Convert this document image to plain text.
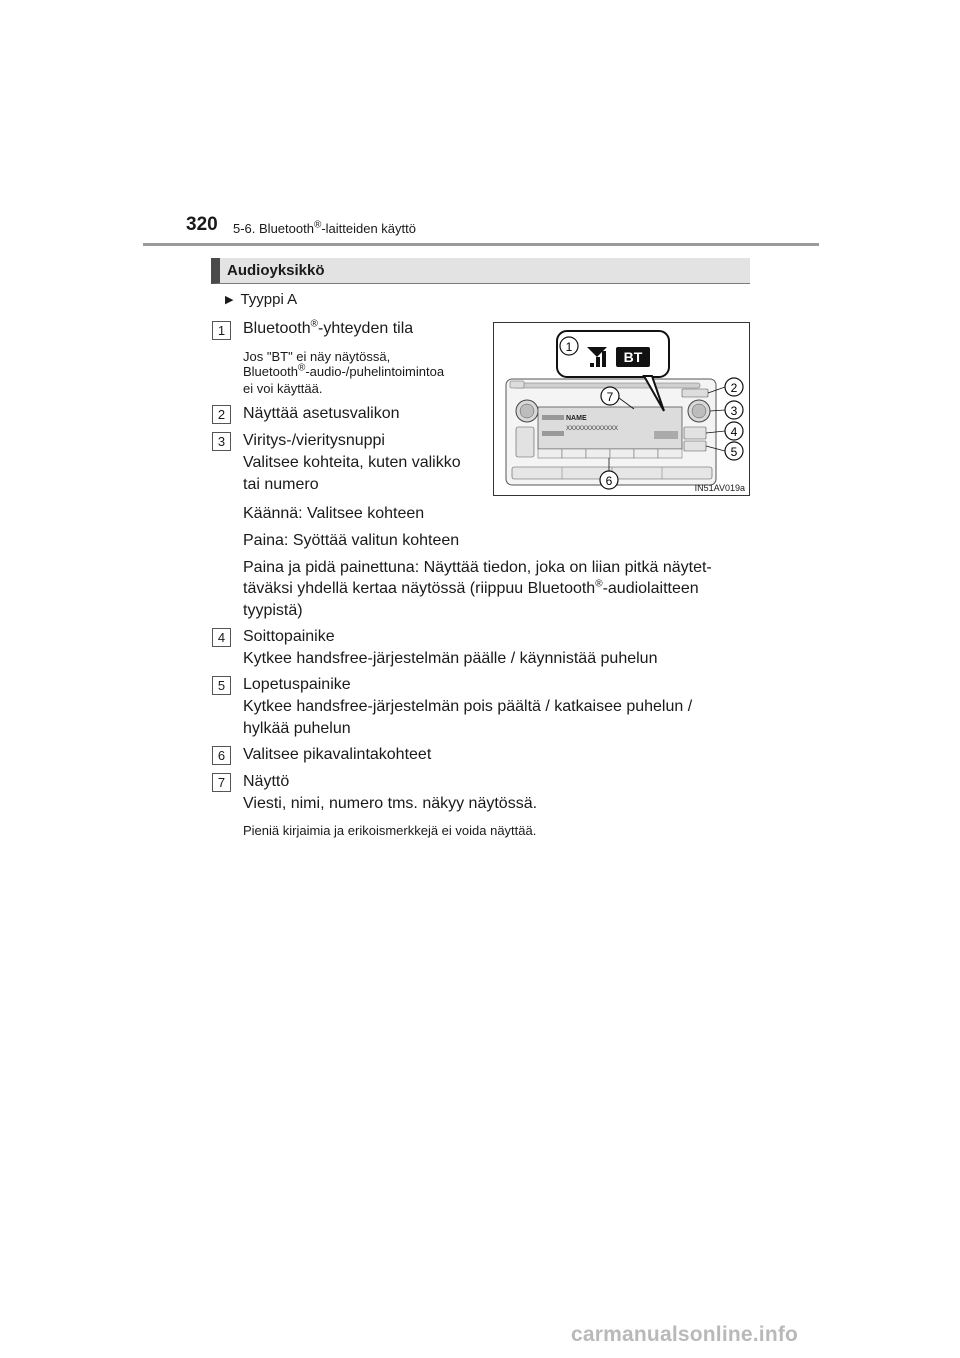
320 5-6. Bluetooth®-laitteiden käyttö
Audioyksikkö
▶ Tyyppi A
1	Bluetooth®-yhteyden tila
Jos "BT" ei näy näytössä,
Bluetooth®-audio-/puhelintoimintoa
ei voi käyttää.
2	Näyttää asetusvalikon
3	Viritys-/vieritysnuppi
Valitsee kohteita, kuten valikko
tai numero
Käännä: Valitsee kohteen
Paina: Syöttää valitun kohteen
Paina ja pidä painettuna: Näyttää tiedon, joka on liian pitkä näytet-
täväksi yhdellä kertaa näytössä (riippuu Bluetooth®-audiolaitteen
tyypistä)
4	Soittopainike
Kytkee handsfree-järjestelmän päälle / käynnistää puhelun
5	Lopetuspainike
Kytkee handsfree-järjestelmän pois päältä / katkaisee puhelun /
hylkää puhelun
6	Valitsee pikavalintakohteet
7	Näyttö
Viesti, nimi, numero tms. näkyy näytössä.
Pieniä kirjaimia ja erikoismerkkejä ei voida näyttää.
NAME
XXXXXXXXXXXXX
BT
1
2
3
4
5
6
7
IN51AV019a
carmanualsonline.info
